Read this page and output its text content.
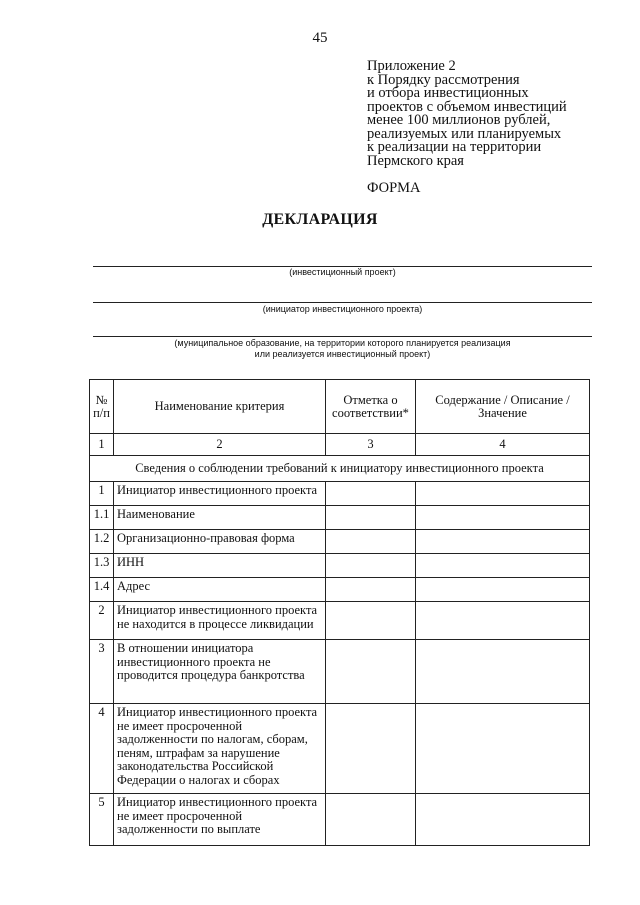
45
Приложение 2
к Порядку рассмотрения
и отбора инвестиционных
проектов с объемом инвестиций
менее 100 миллионов рублей,
реализуемых или планируемых
к реализации на территории
Пермского края
ФОРМА
ДЕКЛАРАЦИЯ
(инвестиционный проект)
(инициатор инвестиционного проекта)
(муниципальное образование, на территории которого планируется реализация
или реализуется инвестиционный проект)
№ п/п	Наименование критерия	Отметка о соответствии*	Содержание / Описание / Значение
1	2	3	4
Сведения о соблюдении требований к инициатору инвестиционного проекта			
1	Инициатор инвестиционного проекта		
1.1	Наименование		
1.2	Организационно-правовая форма		
1.3	ИНН		
1.4	Адрес		
2	Инициатор инвестиционного проекта не находится в процессе ликвидации		
3	В отношении инициатора инвестиционного проекта не проводится процедура банкротства		
4	Инициатор инвестиционного проекта не имеет просроченной задолженности по налогам, сборам, пеням, штрафам за нарушение законодательства Российской Федерации о налогах и сборах		
5	Инициатор инвестиционного проекта не имеет просроченной задолженности по выплате		
